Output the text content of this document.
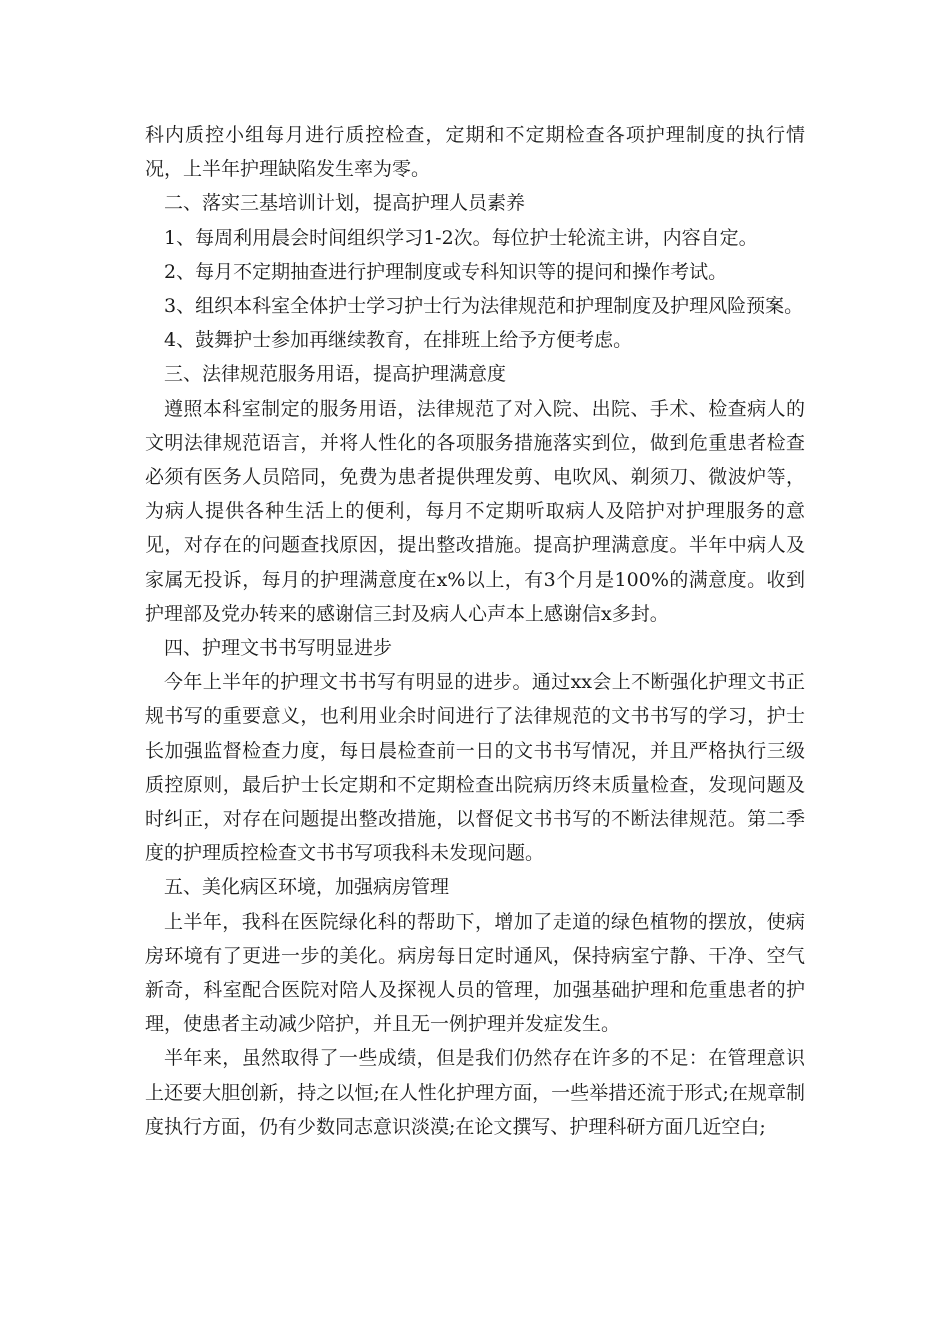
科内质控小组每月进行质控检查，定期和不定期检查各项护理制度的执行情况，上半年护理缺陷发生率为零。

二、落实三基培训计划，提高护理人员素养

1、每周利用晨会时间组织学习1-2次。每位护士轮流主讲，内容自定。

2、每月不定期抽查进行护理制度或专科知识等的提问和操作考试。

3、组织本科室全体护士学习护士行为法律规范和护理制度及护理风险预案。

4、鼓舞护士参加再继续教育，在排班上给予方便考虑。

三、法律规范服务用语，提高护理满意度

遵照本科室制定的服务用语，法律规范了对入院、出院、手术、检查病人的文明法律规范语言，并将人性化的各项服务措施落实到位，做到危重患者检查必须有医务人员陪同，免费为患者提供理发剪、电吹风、剃须刀、微波炉等，为病人提供各种生活上的便利，每月不定期听取病人及陪护对护理服务的意见，对存在的问题查找原因，提出整改措施。提高护理满意度。半年中病人及家属无投诉，每月的护理满意度在x%以上，有3个月是100%的满意度。收到护理部及党办转来的感谢信三封及病人心声本上感谢信x多封。

四、护理文书书写明显进步

今年上半年的护理文书书写有明显的进步。通过xx会上不断强化护理文书正规书写的重要意义，也利用业余时间进行了法律规范的文书书写的学习，护士长加强监督检查力度，每日晨检查前一日的文书书写情况，并且严格执行三级质控原则，最后护士长定期和不定期检查出院病历终末质量检查，发现问题及时纠正，对存在问题提出整改措施，以督促文书书写的不断法律规范。第二季度的护理质控检查文书书写项我科未发现问题。

五、美化病区环境，加强病房管理

上半年，我科在医院绿化科的帮助下，增加了走道的绿色植物的摆放，使病房环境有了更进一步的美化。病房每日定时通风，保持病室宁静、干净、空气新奇，科室配合医院对陪人及探视人员的管理，加强基础护理和危重患者的护理，使患者主动减少陪护，并且无一例护理并发症发生。

半年来，虽然取得了一些成绩，但是我们仍然存在许多的不足：在管理意识上还要大胆创新，持之以恒;在人性化护理方面，一些举措还流于形式;在规章制度执行方面，仍有少数同志意识淡漠;在论文撰写、护理科研方面几近空白;
